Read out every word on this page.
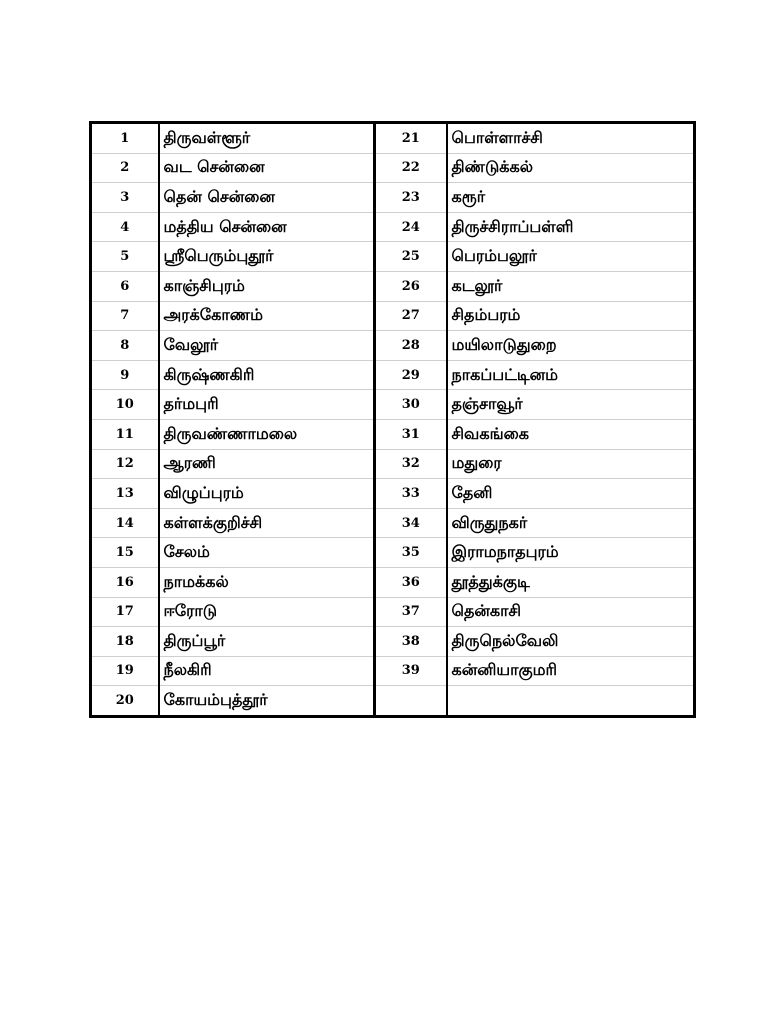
1	திருவள்ளூர்	21	பொள்ளாச்சி
2	வட சென்னை	22	திண்டுக்கல்
3	தென் சென்னை	23	கரூர்
4	மத்திய சென்னை	24	திருச்சிராப்பள்ளி
5	ஸ்ரீபெரும்புதூர்	25	பெரம்பலூர்
6	காஞ்சிபுரம்	26	கடலூர்
7	அரக்கோணம்	27	சிதம்பரம்
8	வேலூர்	28	மயிலாடுதுறை
9	கிருஷ்ணகிரி	29	நாகப்பட்டினம்
10	தர்மபுரி	30	தஞ்சாவூர்
11	திருவண்ணாமலை	31	சிவகங்கை
12	ஆரணி	32	மதுரை
13	விழுப்புரம்	33	தேனி
14	கள்ளக்குறிச்சி	34	விருதுநகர்
15	சேலம்	35	இராமநாதபுரம்
16	நாமக்கல்	36	தூத்துக்குடி
17	ஈரோடு	37	தென்காசி
18	திருப்பூர்	38	திருநெல்வேலி
19	நீலகிரி	39	கன்னியாகுமரி
20	கோயம்புத்தூர்		
